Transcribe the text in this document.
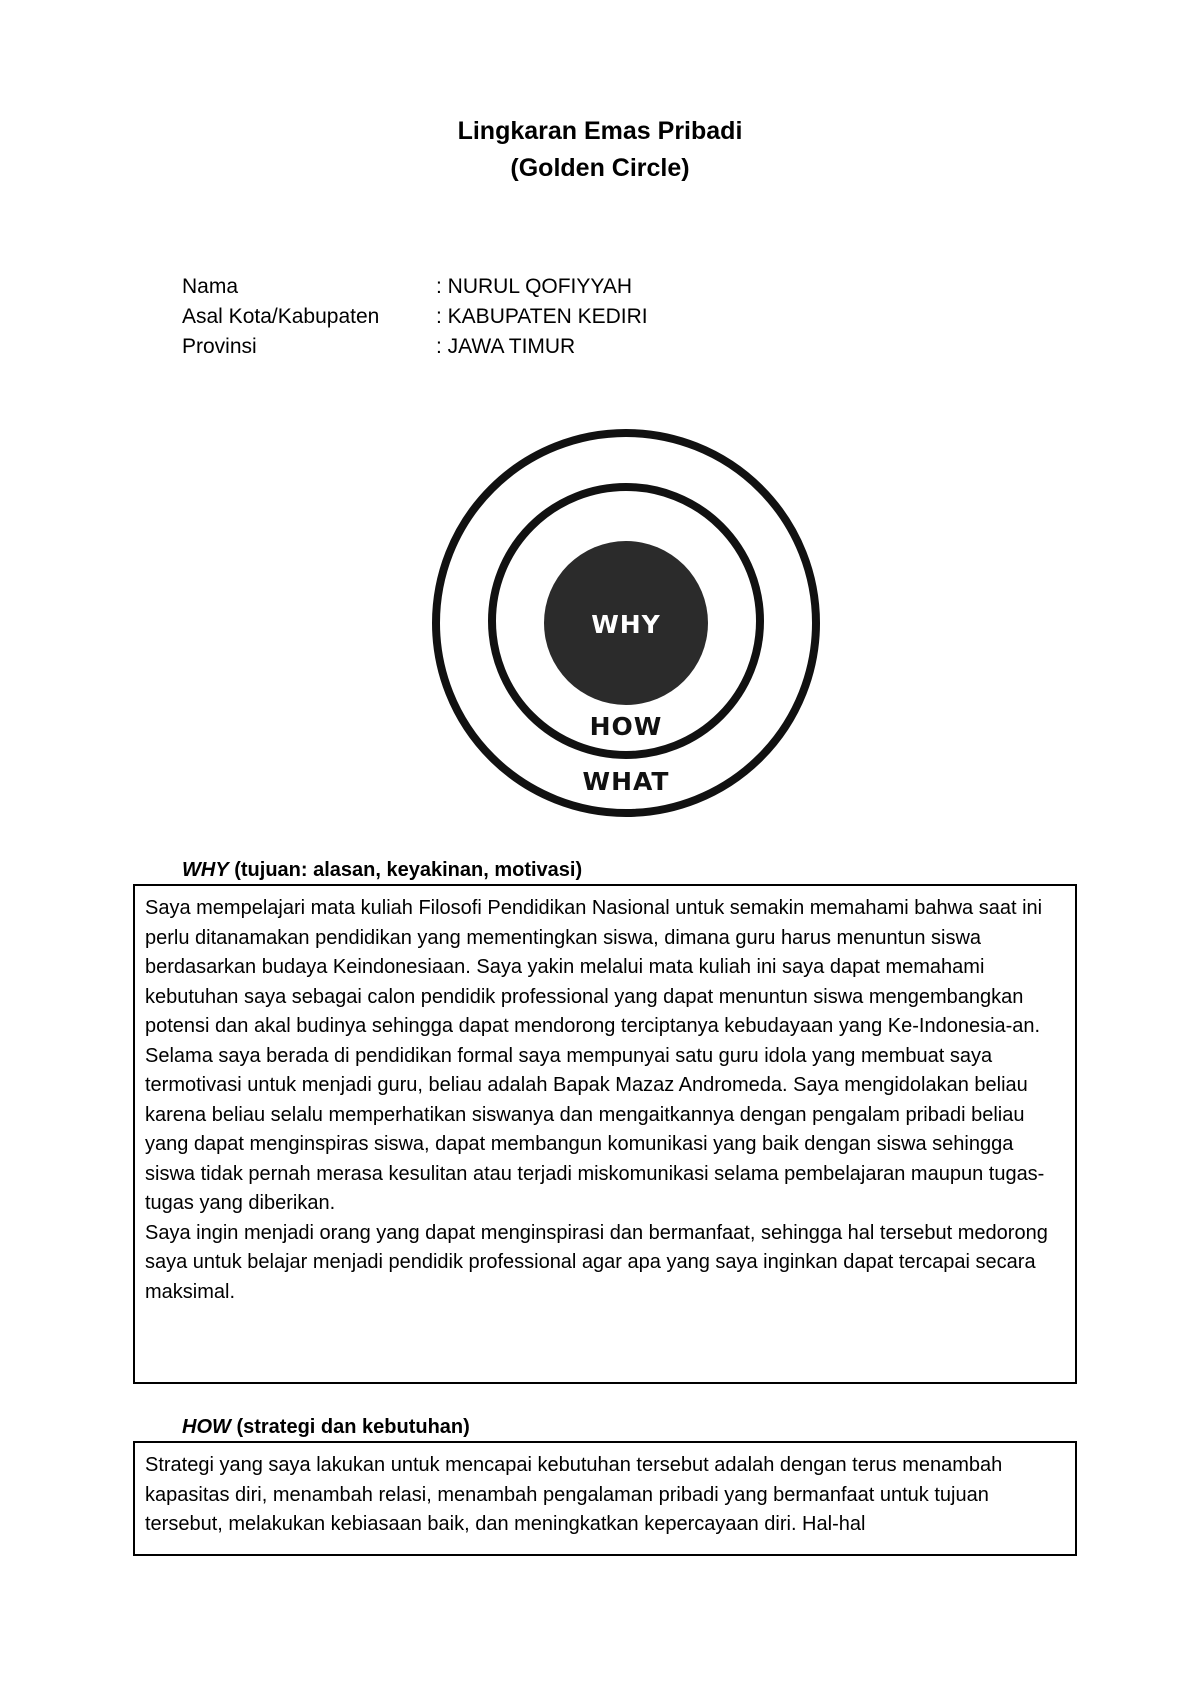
Lingkaran Emas Pribadi
(Golden Circle)
Nama	: NURUL QOFIYYAH
Asal Kota/Kabupaten	: KABUPATEN KEDIRI
Provinsi	: JAWA TIMUR
WHY
HOW
WHAT
WHY (tujuan: alasan, keyakinan, motivasi)

Saya mempelajari mata kuliah Filosofi Pendidikan Nasional untuk semakin memahami bahwa saat ini perlu ditanamakan pendidikan yang mementingkan siswa, dimana guru harus menuntun siswa berdasarkan budaya Keindonesiaan. Saya yakin melalui mata kuliah ini saya dapat memahami kebutuhan saya sebagai calon pendidik professional yang dapat menuntun siswa mengembangkan potensi dan akal budinya sehingga dapat mendorong terciptanya kebudayaan yang Ke-Indonesia-an.

Selama saya berada di pendidikan formal saya mempunyai satu guru idola yang membuat saya termotivasi untuk menjadi guru, beliau adalah Bapak Mazaz Andromeda. Saya mengidolakan beliau karena beliau selalu memperhatikan siswanya dan mengaitkannya dengan pengalam pribadi beliau yang dapat menginspiras siswa, dapat membangun komunikasi yang baik dengan siswa sehingga siswa tidak pernah merasa kesulitan atau terjadi miskomunikasi selama pembelajaran maupun tugas-tugas yang diberikan.

Saya ingin menjadi orang yang dapat menginspirasi dan bermanfaat, sehingga hal tersebut medorong saya untuk belajar menjadi pendidik professional agar apa yang saya inginkan dapat tercapai secara maksimal.

HOW (strategi dan kebutuhan)

Strategi yang saya lakukan untuk mencapai kebutuhan tersebut adalah dengan terus menambah kapasitas diri, menambah relasi, menambah pengalaman pribadi yang bermanfaat untuk tujuan tersebut, melakukan kebiasaan baik, dan meningkatkan kepercayaan diri. Hal-hal
